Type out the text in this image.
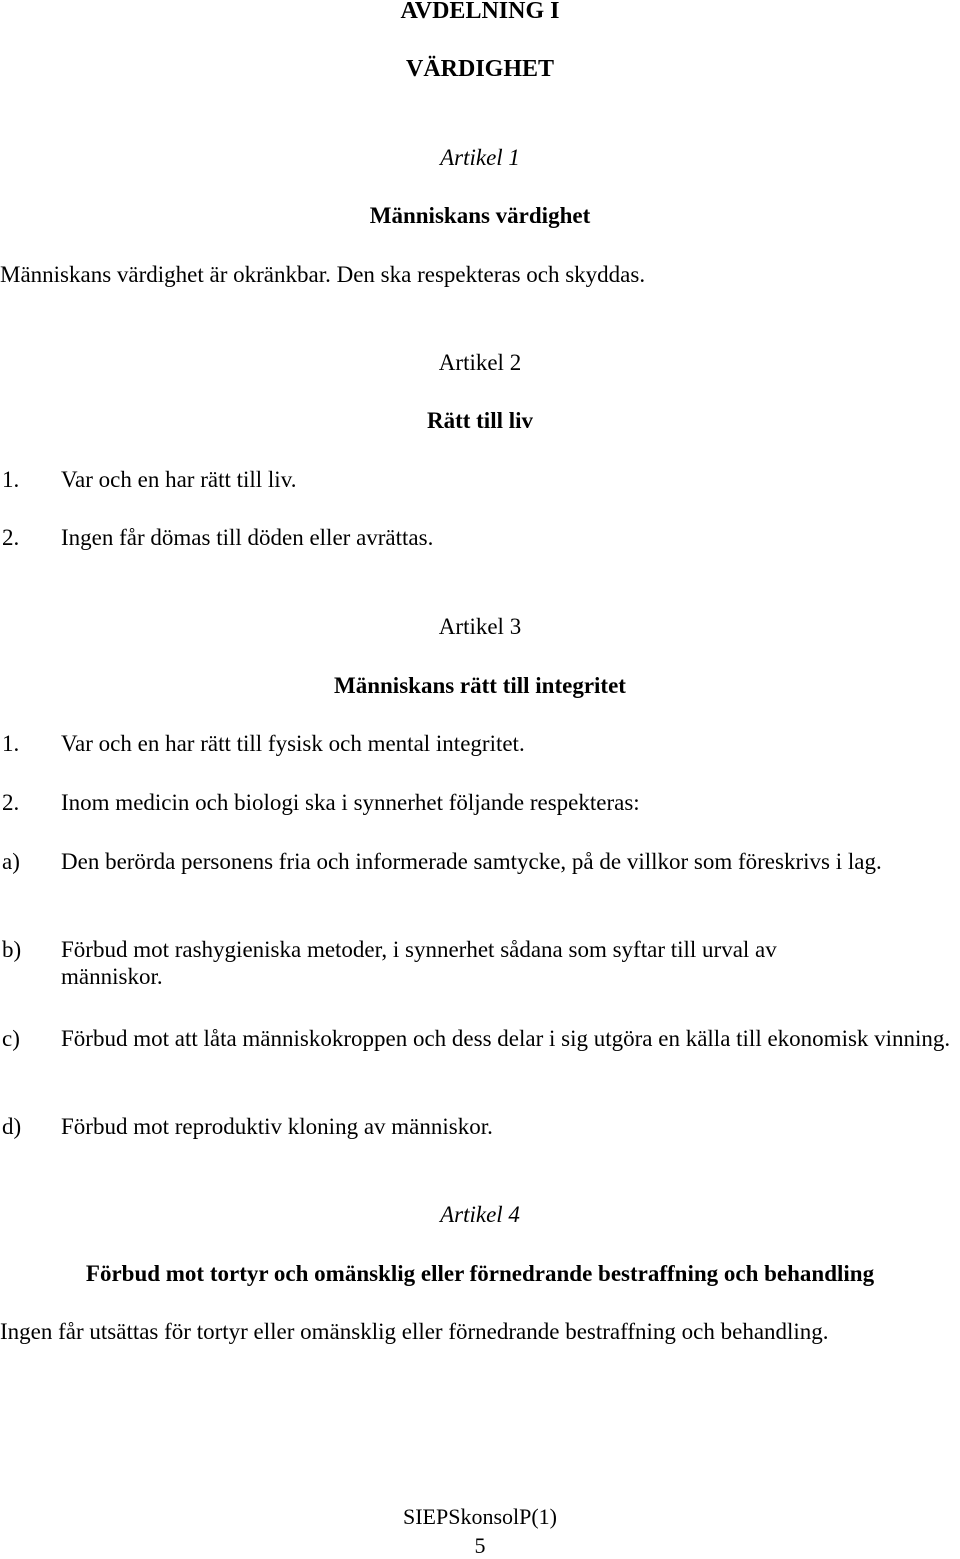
AVDELNING I
VÄRDIGHET
Artikel 1
Människans värdighet
Människans värdighet är okränkbar. Den ska respekteras och skyddas.
Artikel 2
Rätt till liv
1. Var och en har rätt till liv.
2. Ingen får dömas till döden eller avrättas.
Artikel 3
Människans rätt till integritet
1. Var och en har rätt till fysisk och mental integritet.
2. Inom medicin och biologi ska i synnerhet följande respekteras:
a) Den berörda personens fria och informerade samtycke, på de villkor som föreskrivs i lag.
b) Förbud mot rashygieniska metoder, i synnerhet sådana som syftar till urval av människor.
c) Förbud mot att låta människokroppen och dess delar i sig utgöra en källa till ekonomisk vinning.
d) Förbud mot reproduktiv kloning av människor.
Artikel 4
Förbud mot tortyr och omänsklig eller förnedrande bestraffning och behandling
Ingen får utsättas för tortyr eller omänsklig eller förnedrande bestraffning och behandling.
SIEPSkonsolP(1)
5
